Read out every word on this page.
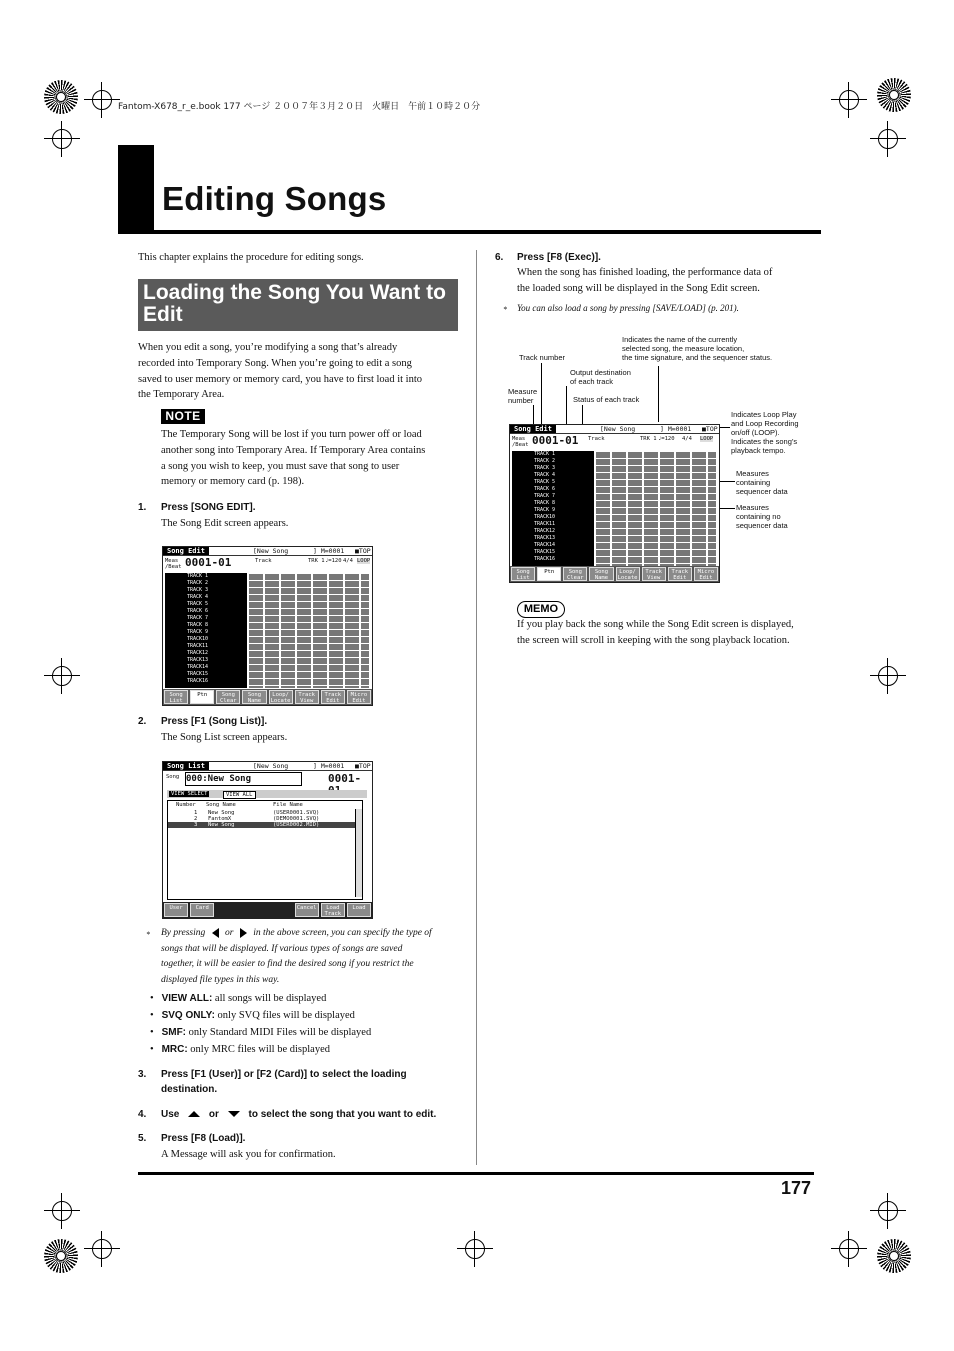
Fantom-X678_r_e.book 177 ページ ２００７年３月２０日　火曜日　午前１０時２０分
Editing Songs
This chapter explains the procedure for editing songs.
Loading the Song You Want to Edit
When you edit a song, you’re modifying a song that’s already
recorded into Temporary Song. When you’re going to edit a song
saved to user memory or memory card, you have to first load it into
the Temporary Area.
NOTE
The Temporary Song will be lost if you turn power off or load
another song into Temporary Area. If Temporary Area contains
a song you wish to keep, you must save that song to user
memory or memory card (p. 198).
1. Press [SONG EDIT].
The Song Edit screen appears.
Song Edit	[New Song	] M=0001 ■TOP
Meas /Beat 0001-01	Track	TRK 1 ♩=120 4/4 LOOP
TRACK 1
TRACK 2
TRACK 3
TRACK 4
TRACK 5
TRACK 6
TRACK 7
TRACK 8
TRACK 9
TRACK10
TRACK11
TRACK12
TRACK13
TRACK14
TRACK15
TRACK16
Song List
Ptn	Song Clear
Song Name
Loop/ Locate
Track View
Track Edit
Micro Edit
2. Press [F1 (Song List)].
The Song List screen appears.
Song List	[New Song	] M=0001 ■TOP
Song 000:New Song	0001-
VIEW SELECT	VIEW ALL
Number Song Name	File Name
1 New Song	(USER0001.SVQ)
2 FantomX	(DEMO0001.SVQ)
3 New Song	(USER0002.MID)
User	Card	Cancel	Load Track
Load
* By pressing or in the above screen, you can specify the type of
songs that will be displayed. If various types of songs are saved
together, it will be easier to find the desired song if you restrict the
displayed file types in this way.
•   VIEW ALL: all songs will be displayed
•   SVQ ONLY: only SVQ files will be displayed
•   SMF: only Standard MIDI Files will be displayed
•   MRC: only MRC files will be displayed
3. Press [F1 (User)] or [F2 (Card)] to select the loading
destination.
4. Use	or	to select the song that you want to edit.
5. Press [F8 (Load)].
A Message will ask you for confirmation.
6. Press [F8 (Exec)].
When the song has finished loading, the performance data of
the loaded song will be displayed in the Song Edit screen.
* You can also load a song by pressing [SAVE/LOAD] (p. 201).
Indicates the name of the currently
selected song, the measure location,
the time signature, and the sequencer status.
Track number
Output destination
of each track
Measure
number	Status of each track
Indicates Loop Play
and Loop Recording
on/off (LOOP).
Indicates the song’s
playback tempo.
Measures
containing
sequencer data
Measures
containing no
sequencer data
Song Edit	[New Song	] M=0001 ■TOP
Meas /Beat 0001-01 Track	TRK 1 ♩=120 4/4 LOOP
TRACK 1
TRACK 2
TRACK 3
TRACK 4
TRACK 5
TRACK 6
TRACK 7
TRACK 8
TRACK 9
TRACK10
TRACK11
TRACK12
TRACK13
TRACK14
TRACK15
TRACK16
Song List
Ptn	Song Clear
Song Name
Loop/ Locate
Track View
Track Edit
Micro Edit
MEMO
If you play back the song while the Song Edit screen is displayed,
the screen will scroll in keeping with the song playback location.
177
